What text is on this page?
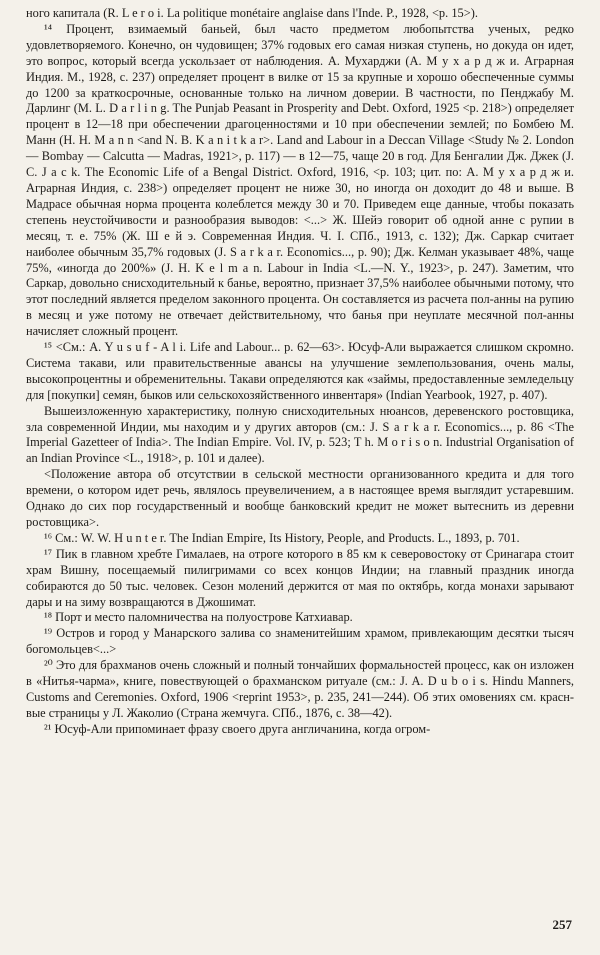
ного капитала (R. L e r o i. La politique monétaire anglaise dans l'Inde. P., 1928, <p. 15>).

¹⁴ Процент, взимаемый баньей, был часто предметом любопытства ученых, редко удовлетворяемого. Конечно, он чудовищен; 37% годовых его самая низкая ступень, но докуда он идет, это вопрос, который всегда ускользает от наблюдения. А. Мухарджи (А. М у х а р д ж и. Аграрная Индия. М., 1928, с. 237) определяет процент в вилке от 15 за крупные и хорошо обеспеченные суммы до 1200 за краткосрочные, основанные только на личном доверии. В частности, по Пенджабу М. Дарлинг (M. L. D a r l i n g. The Punjab Peasant in Prosperity and Debt. Oxford, 1925 <p. 218>) определяет процент в 12—18 при обеспечении драгоценностями и 10 при обеспечении землей; по Бомбею М. Манн (H. H. M a n n <and N. B. K a n i t k a r>. Land and Labour in a Deccan Village <Study № 2. London — Bombay — Calcutta — Madras, 1921>, p. 117) — в 12—75, чаще 20 в год. Для Бенгалии Дж. Джек (J. C. J a c k. The Economic Life of a Bengal District. Oxford, 1916, <p. 103; цит. по: А. М у х а р д ж и. Аграрная Индия, с. 238>) определяет процент не ниже 30, но иногда он доходит до 48 и выше. В Мадрасе обычная норма процента колеблется между 30 и 70. Приведем еще данные, чтобы показать степень неустойчивости и разнообразия выводов: <...> Ж. Шейэ говорит об одной анне с рупии в месяц, т. е. 75% (Ж. Ш е й э. Современная Индия. Ч. I. СПб., 1913, с. 132); Дж. Саркар считает наиболее обычным 35,7% годовых (J. S a r k a r. Economics..., p. 90); Дж. Келман указывает 48%, чаще 75%, «иногда до 200%» (J. H. K e l m a n. Labour in India <L.—N. Y., 1923>, p. 247). Заметим, что Саркар, довольно снисходительный к банье, вероятно, признает 37,5% наиболее обычными потому, что этот последний является пределом законного процента. Он составляется из расчета пол-анны на рупию в месяц и уже потому не отвечает действительному, что банья при неуплате месячной пол-анны начисляет сложный процент.

¹⁵ <См.: A. Y u s u f - A l i. Life and Labour... p. 62—63>. Юсуф-Али выражается слишком скромно. Система такави, или правительственные авансы на улучшение землепользования, очень малы, высокопроцентны и обременительны. Такави определяются как «займы, предоставленные земледельцу для [покупки] семян, быков или сельскохозяйственного инвентаря» (Indian Yearbook, 1927, p. 407).

Вышеизложенную характеристику, полную снисходительных нюансов, деревенского ростовщика, зла современной Индии, мы находим и у других авторов (см.: J. S a r k a r. Economics..., p. 86 <The Imperial Gazetteer of India>. The Indian Empire. Vol. IV, p. 523; T h. M o r i s o n. Industrial Organisation of an Indian Province <L., 1918>, p. 101 и далее).

<Положение автора об отсутствии в сельской местности организованного кредита и для того времени, о котором идет речь, являлось преувеличением, а в настоящее время выглядит устаревшим. Однако до сих пор государственный и вообще банковский кредит не может вытеснить из деревни ростовщика>.

¹⁶ См.: W. W. H u n t e r. The Indian Empire, Its History, People, and Products. L., 1893, p. 701.

¹⁷ Пик в главном хребте Гималаев, на отроге которого в 85 км к северовостоку от Сринагара стоит храм Вишну, посещаемый пилигримами со всех концов Индии; на главный праздник иногда собираются до 50 тыс. человек. Сезон молений держится от мая по октябрь, когда монахи зарывают дары и на зиму возвращаются в Джошимат.

¹⁸ Порт и место паломничества на полуострове Катхиавар.

¹⁹ Остров и город у Манарского залива со знаменитейшим храмом, привлекающим десятки тысяч богомольцев<...>

²⁰ Это для брахманов очень сложный и полный тончайших формальностей процесс, как он изложен в «Нитья-чарма», книге, повествующей о брахманском ритуале (см.: J. A. D u b o i s. Hindu Manners, Customs and Ceremonies. Oxford, 1906 <reprint 1953>, p. 235, 241—244). Об этих омовениях см. краснвые страницы у Л. Жаколио (Страна жемчуга. СПб., 1876, с. 38—42).

²¹ Юсуф-Али припоминает фразу своего друга англичанина, когда огром-

257
